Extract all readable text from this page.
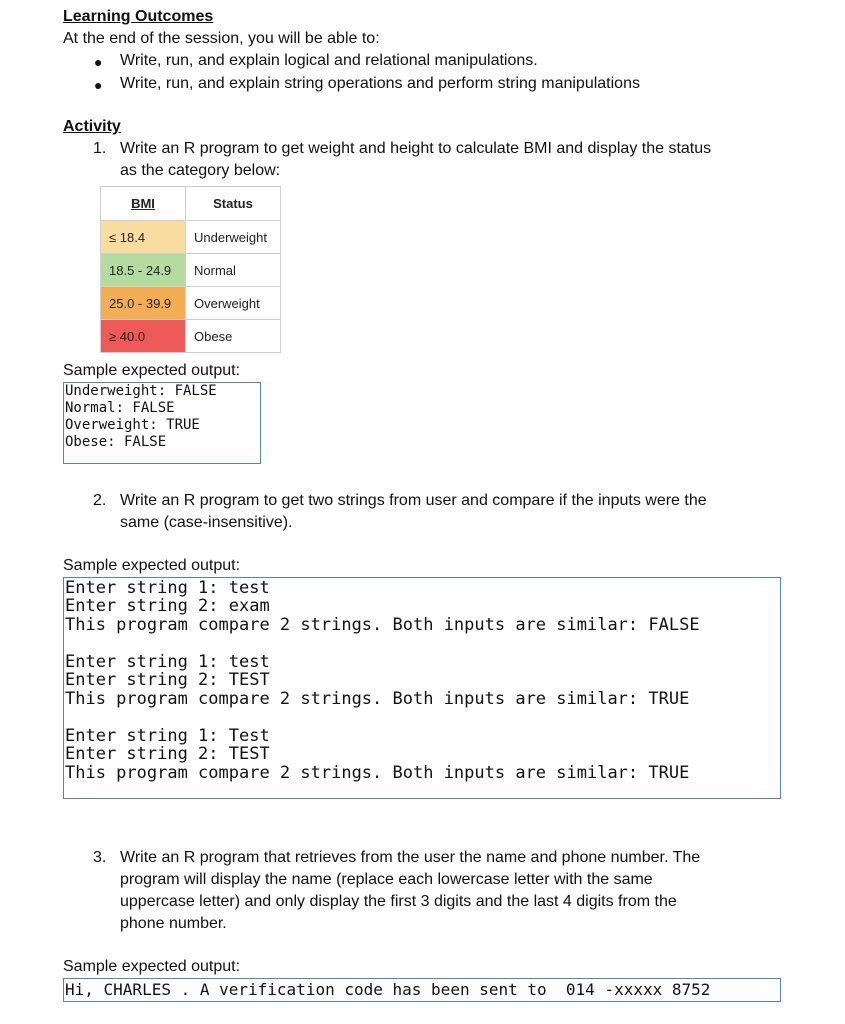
Learning Outcomes
At the end of the session, you will be able to:
● Write, run, and explain logical and relational manipulations.
● Write, run, and explain string operations and perform string manipulations
Activity
1. Write an R program to get weight and height to calculate BMI and display the status
as the category below:
BMI	Status
≤ 18.4	Underweight
18.5 - 24.9	Normal
25.0 - 39.9	Overweight
≥ 40.0	Obese
Sample expected output:
Underweight: FALSE
Normal: FALSE
Overweight: TRUE
Obese: FALSE
2. Write an R program to get two strings from user and compare if the inputs were the
same (case-insensitive).
Sample expected output:
Enter string 1: test
Enter string 2: exam
This program compare 2 strings. Both inputs are similar: FALSE
Enter string 1: test
Enter string 2: TEST
This program compare 2 strings. Both inputs are similar: TRUE
Enter string 1: Test
Enter string 2: TEST
This program compare 2 strings. Both inputs are similar: TRUE
3. Write an R program that retrieves from the user the name and phone number. The
program will display the name (replace each lowercase letter with the same
uppercase letter) and only display the first 3 digits and the last 4 digits from the
phone number.
Sample expected output:
Hi, CHARLES . A verification code has been sent to  014 -xxxxx 8752
